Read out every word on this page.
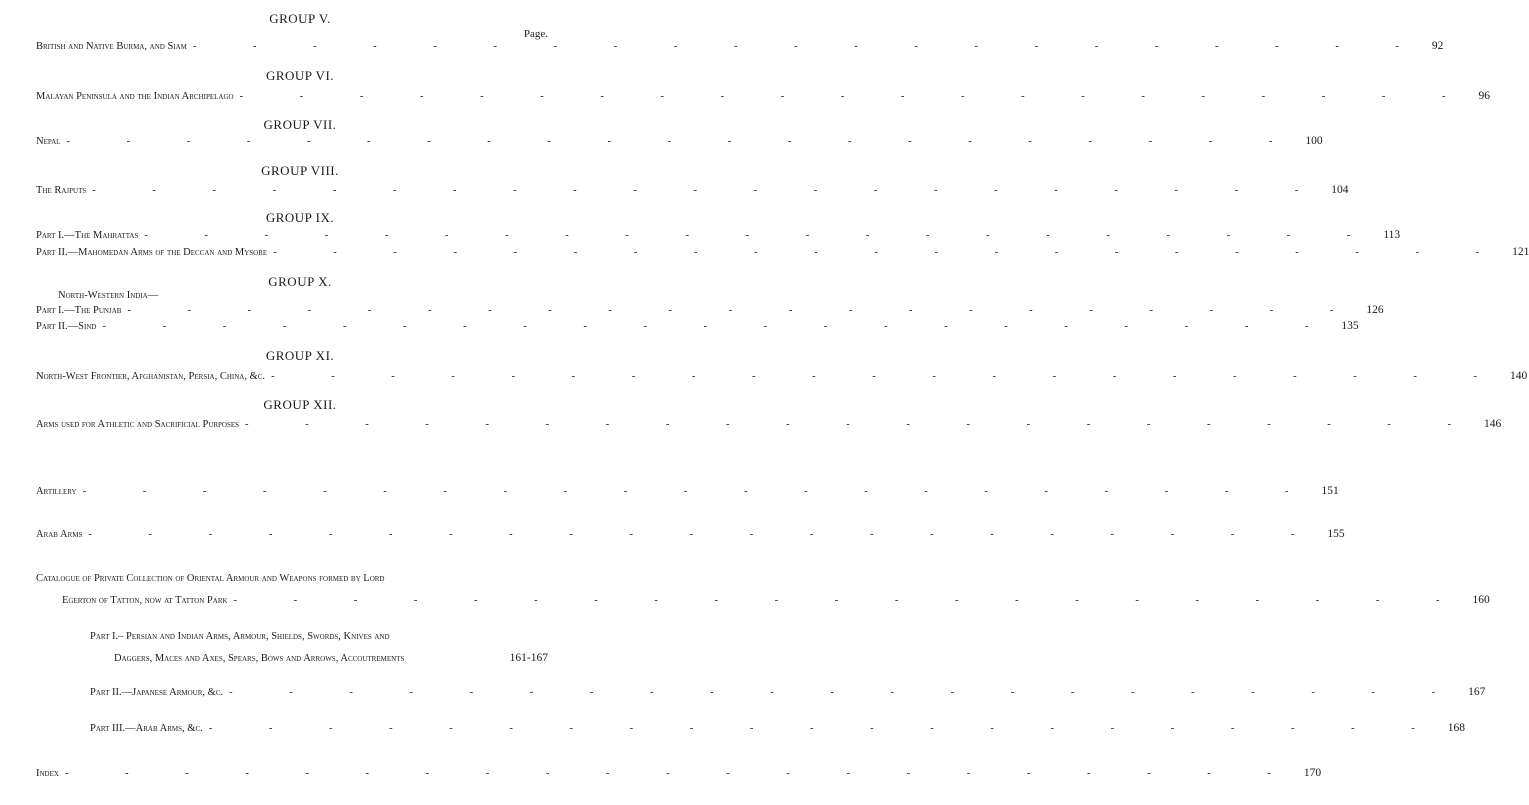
GROUP V.
Page.
British and Native Burma, and Siam - - - - - - - - - - - - - - - - - - - - - 92
GROUP VI.
Malayan Peninsula and the Indian Archipelago - - - - - - - - - - - - - - - - - - - - - 96
GROUP VII.
Nepal - - - - - - - - - - - - - - - - - - - - - 100
GROUP VIII.
The Rajputs - - - - - - - - - - - - - - - - - - - - - 104
GROUP IX.
Part I.—The Mahrattas - - - - - - - - - - - - - - - - - - - - - 113
Part II.—Mahomedan Arms of the Deccan and Mysore - - - - - - - - - - - - - - - - - - - - - 121
GROUP X.
North-Western India—
Part I.—The Punjab - - - - - - - - - - - - - - - - - - - - - 126
Part II.—Sind - - - - - - - - - - - - - - - - - - - - - 135
GROUP XI.
North-West Frontier, Afghanistan, Persia, China, &c. - - - - - - - - - - - - - - - - - - - - - 140
GROUP XII.
Arms used for Athletic and Sacrificial Purposes - - - - - - - - - - - - - - - - - - - - - 146
Artillery - - - - - - - - - - - - - - - - - - - - - 151
Arab Arms - - - - - - - - - - - - - - - - - - - - - 155
Catalogue of Private Collection of Oriental Armour and Weapons formed by Lord
Egerton of Tatton, now at Tatton Park - - - - - - - - - - - - - - - - - - - - - 160
Part I.– Persian and Indian Arms, Armour, Shields, Swords, Knives and
Daggers, Maces and Axes, Spears, Bows and Arrows, Accoutrements	161-167
Part II.—Japanese Armour, &c. - - - - - - - - - - - - - - - - - - - - - 167
Part III.—Arab Arms, &c. - - - - - - - - - - - - - - - - - - - - - 168
Index - - - - - - - - - - - - - - - - - - - - - 170
